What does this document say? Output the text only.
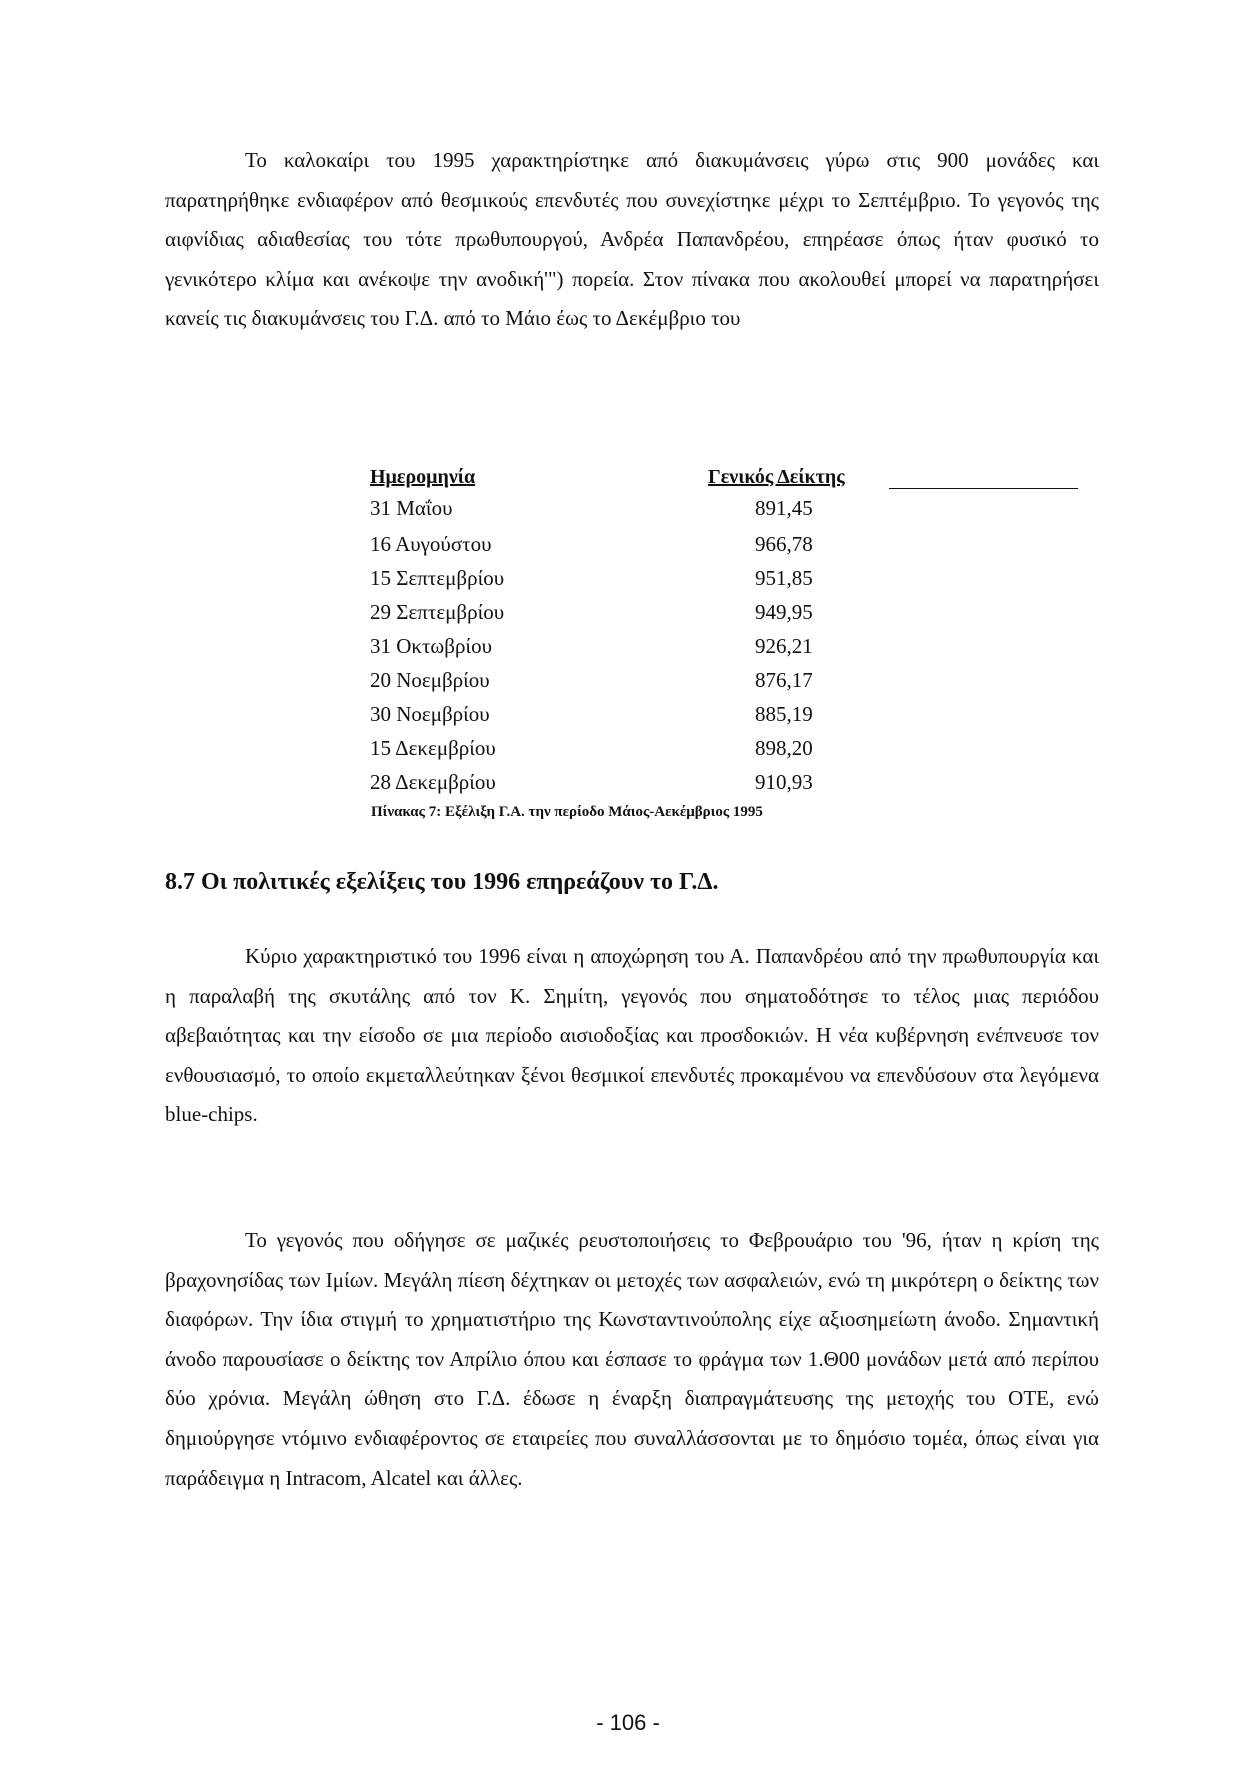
Το καλοκαίρι του 1995 χαρακτηρίστηκε από διακυμάνσεις γύρω στις 900 μονάδες και παρατηρήθηκε ενδιαφέρον από θεσμικούς επενδυτές που συνεχίστηκε μέχρι το Σεπτέμβριο. Το γεγονός της αιφνίδιας αδιαθεσίας του τότε πρωθυπουργού, Ανδρέα Παπανδρέου, επηρέασε όπως ήταν φυσικό το γενικότερο κλίμα και ανέκοψε την ανοδική'") πορεία. Στον πίνακα που ακολουθεί μπορεί να παρατηρήσει κανείς τις διακυμάνσεις του Γ.Δ. από το Μάιο έως το Δεκέμβριο του

Ημερομηνία	Γενικός Δείκτης
31 Μαΐου	891,45
16 Αυγούστου	966,78
15 Σεπτεμβρίου	951,85
29 Σεπτεμβρίου	949,95
31 Οκτωβρίου	926,21
20 Νοεμβρίου	876,17
30 Νοεμβρίου	885,19
15 Δεκεμβρίου	898,20
28 Δεκεμβρίου	910,93
Πίνακας 7: Εξέλιξη Γ.Α. την περίοδο Μάιος-Αεκέμβριος 1995
8.7 Οι πολιτικές εξελίξεις του 1996 επηρεάζουν το Γ.Δ.

Κύριο χαρακτηριστικό του 1996 είναι η αποχώρηση του Α. Παπανδρέου από την πρωθυπουργία και η παραλαβή της σκυτάλης από τον Κ. Σημίτη, γεγονός που σηματοδότησε το τέλος μιας περιόδου αβεβαιότητας και την είσοδο σε μια περίοδο αισιοδοξίας και προσδοκιών. Η νέα κυβέρνηση ενέπνευσε τον ενθουσιασμό, το οποίο εκμεταλλεύτηκαν ξένοι θεσμικοί επενδυτές προκαμένου να επενδύσουν στα λεγόμενα blue-chips.

Το γεγονός που οδήγησε σε μαζικές ρευστοποιήσεις το Φεβρουάριο του '96, ήταν η κρίση της βραχονησίδας των Ιμίων. Μεγάλη πίεση δέχτηκαν οι μετοχές των ασφαλειών, ενώ τη μικρότερη ο δείκτης των διαφόρων. Την ίδια στιγμή το χρηματιστήριο της Κωνσταντινούπολης είχε αξιοσημείωτη άνοδο. Σημαντική άνοδο παρουσίασε ο δείκτης τον Απρίλιο όπου και έσπασε το φράγμα των 1.Θ00 μονάδων μετά από περίπου δύο χρόνια. Μεγάλη ώθηση στο Γ.Δ. έδωσε η έναρξη διαπραγμάτευσης της μετοχής του ΟΤΕ, ενώ δημιούργησε ντόμινο ενδιαφέροντος σε εταιρείες που συναλλάσσονται με το δημόσιο τομέα, όπως είναι για παράδειγμα η Intracom, Alcatel και άλλες.

- 106 -
